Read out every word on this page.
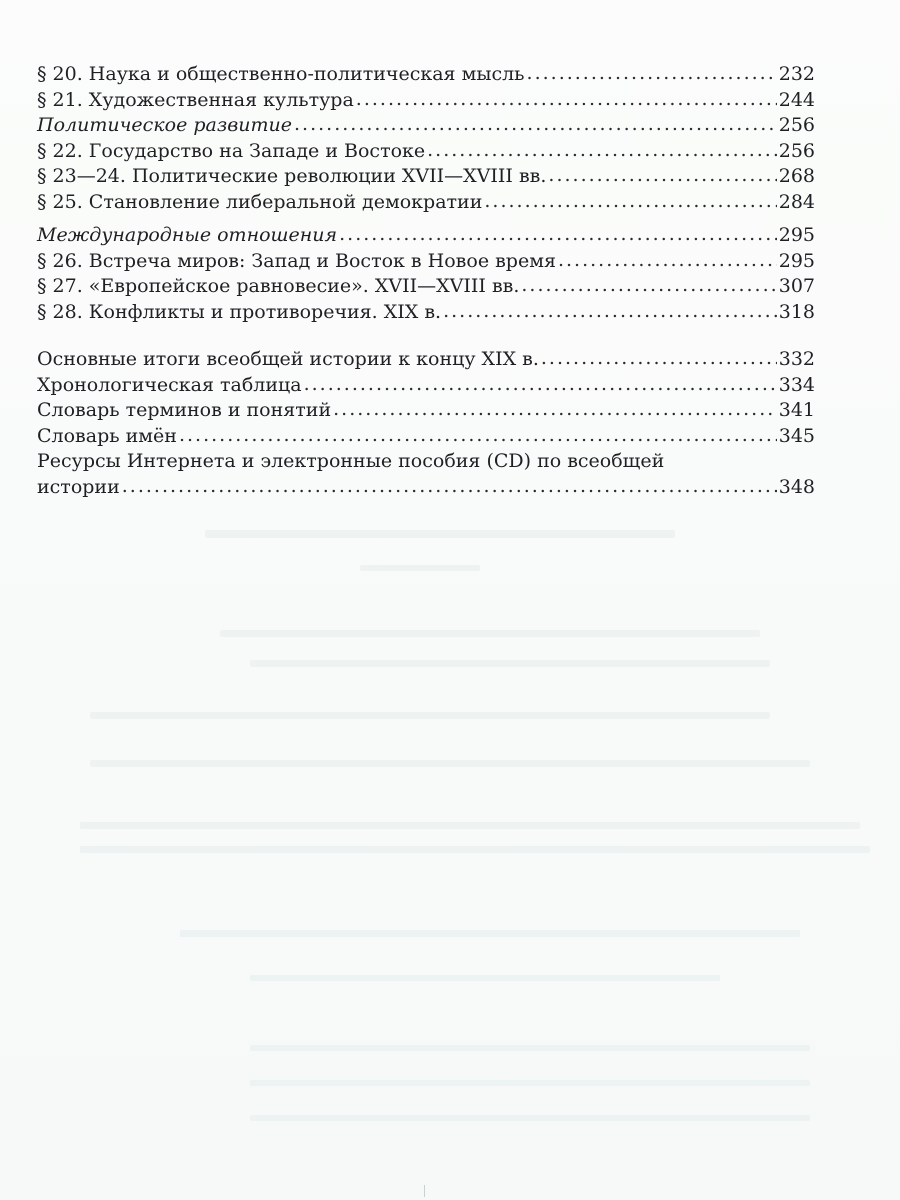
§ 20. Наука и общественно-политическая мысль .....	232
§ 21. Художественная культура .....	244
Политическое развитие .....	256
§ 22. Государство на Западе и Востоке .....	256
§ 23—24. Политические революции XVII—XVIII вв. .....	268
§ 25. Становление либеральной демократии .....	284
Международные отношения .....	295
§ 26. Встреча миров: Запад и Восток в Новое время .....	295
§ 27. «Европейское равновесие». XVII—XVIII вв. .....	307
§ 28. Конфликты и противоречия. XIX в. .....	318
Основные итоги всеобщей истории к концу XIX в. .....	332
Хронологическая таблица .....	334
Словарь терминов и понятий .....	341
Словарь имён .....	345
Ресурсы Интернета и электронные пособия (CD) по всеобщей
истории .....	348
